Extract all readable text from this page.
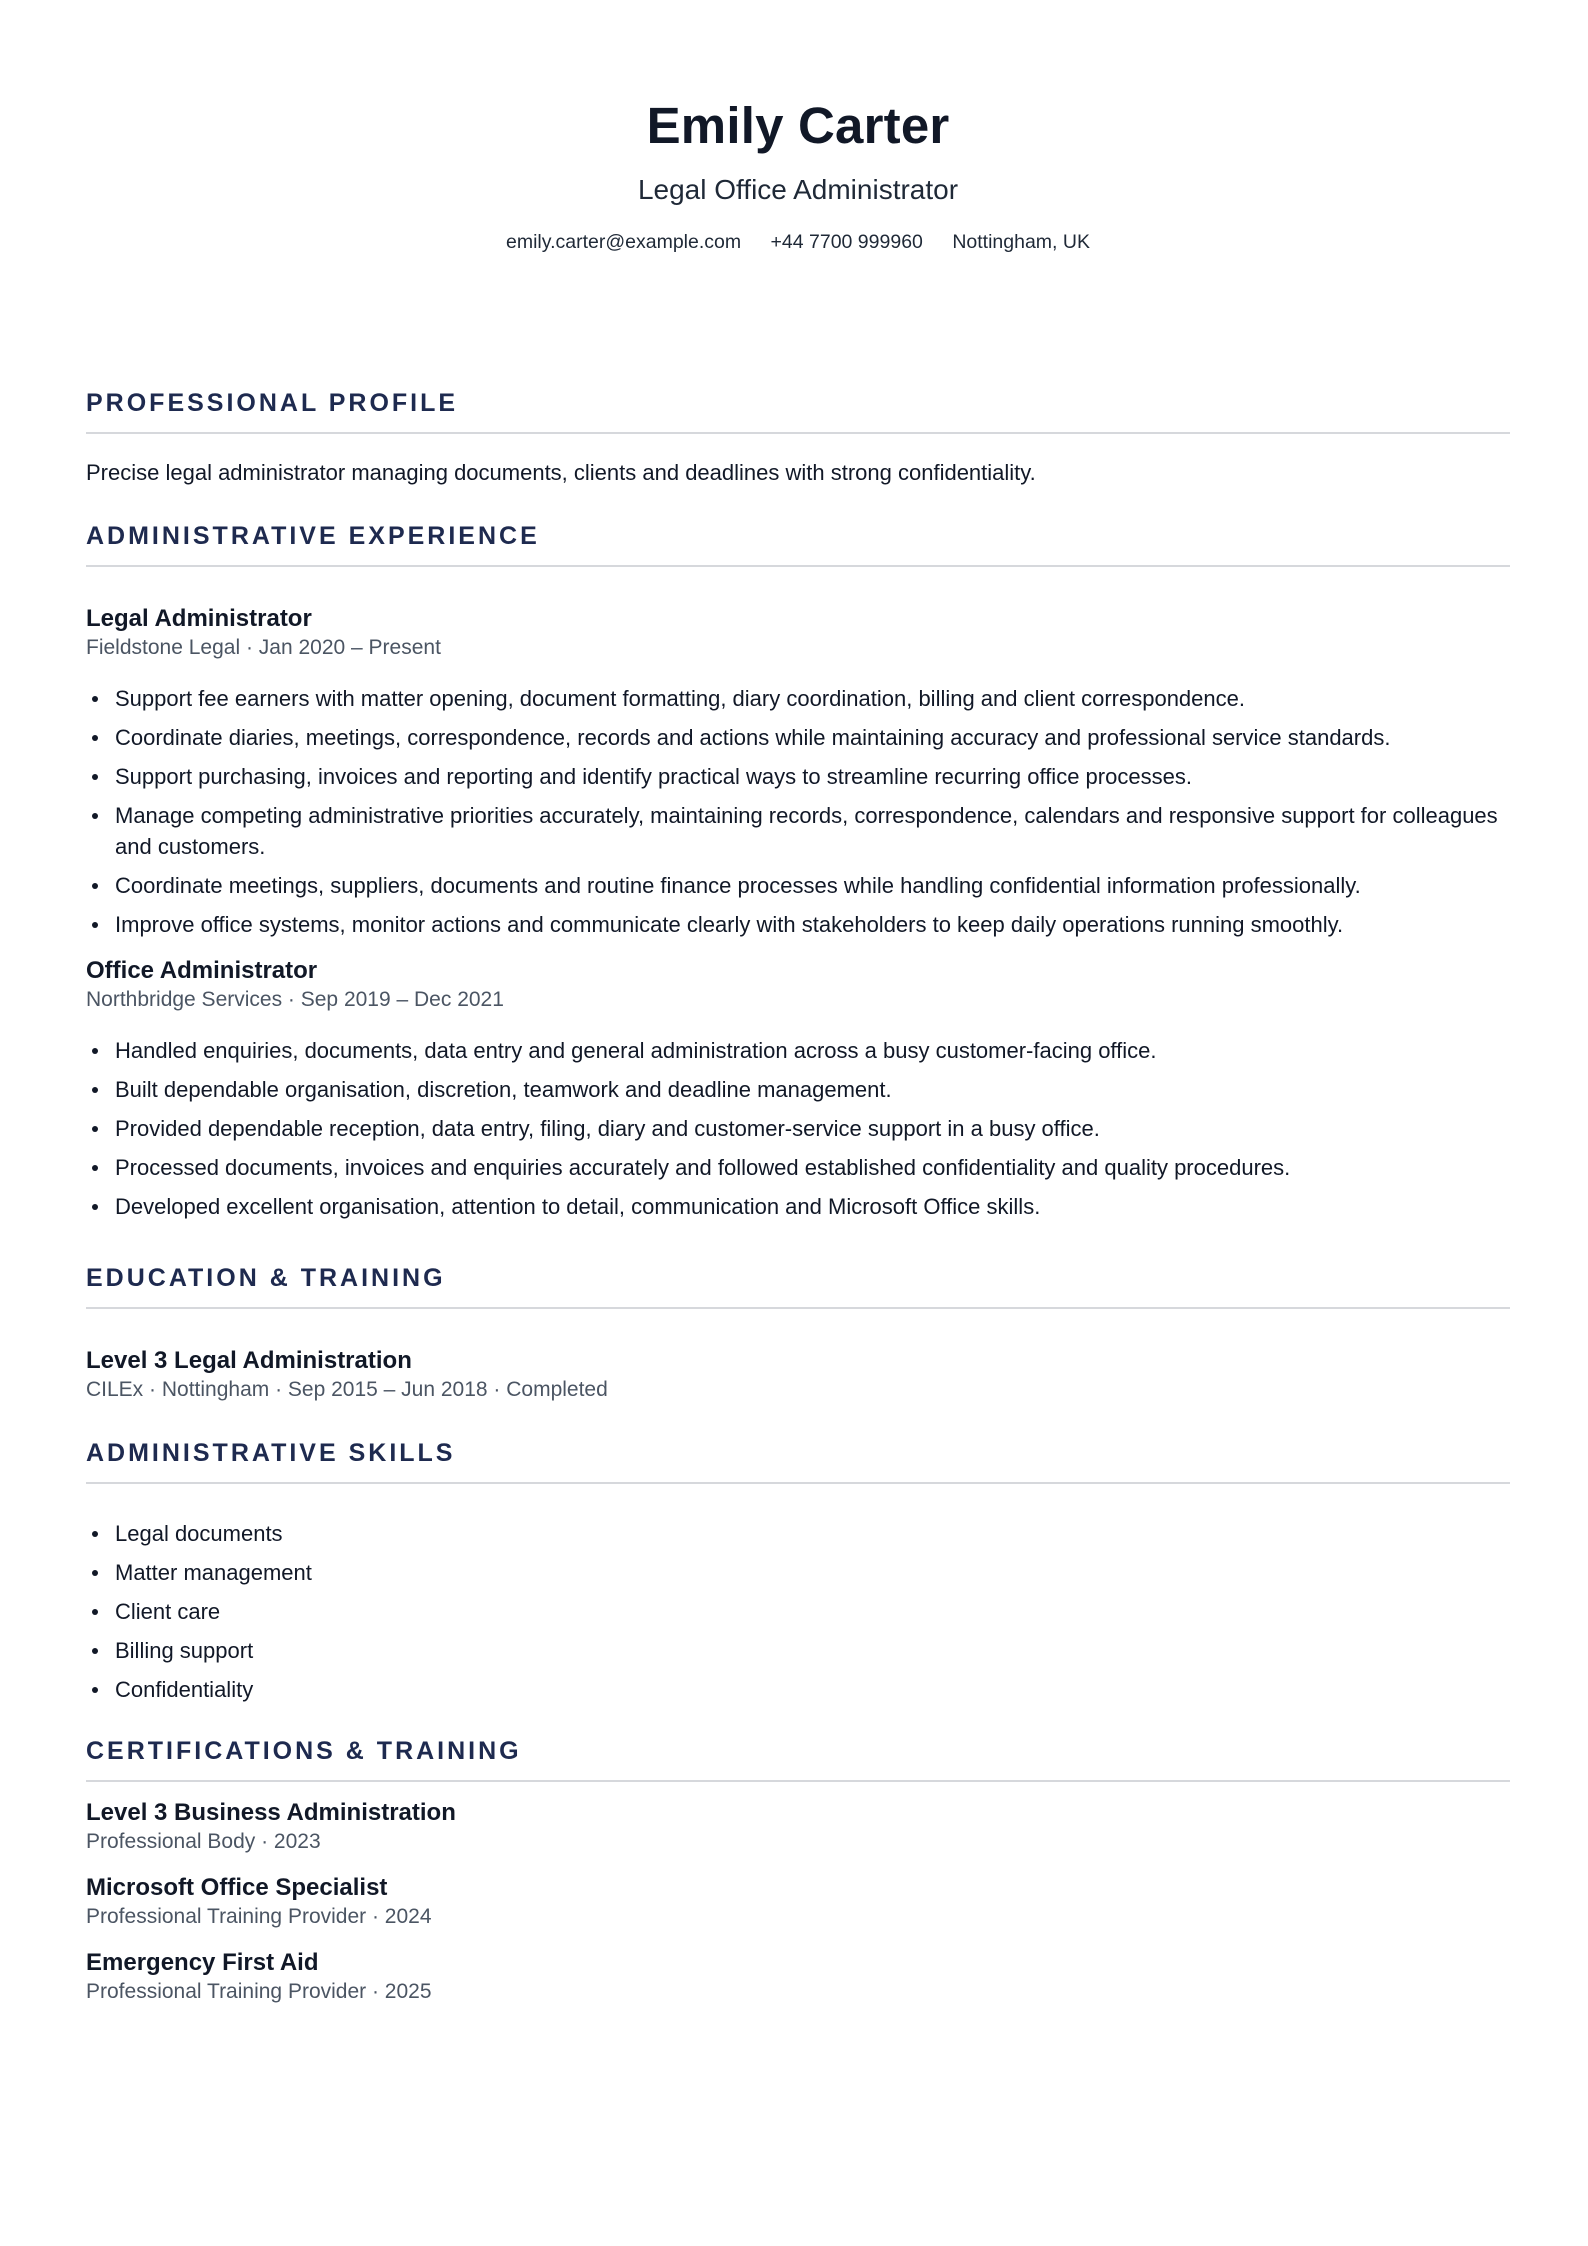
Emily Carter
Legal Office Administrator
emily.carter@example.com +44 7700 999960 Nottingham, UK
PROFESSIONAL PROFILE
Precise legal administrator managing documents, clients and deadlines with strong confidentiality.
ADMINISTRATIVE EXPERIENCE
Legal Administrator
Fieldstone Legal · Jan 2020 – Present
Support fee earners with matter opening, document formatting, diary coordination, billing and client correspondence.
Coordinate diaries, meetings, correspondence, records and actions while maintaining accuracy and professional service standards.
Support purchasing, invoices and reporting and identify practical ways to streamline recurring office processes.
Manage competing administrative priorities accurately, maintaining records, correspondence, calendars and responsive support for colleagues and customers.
Coordinate meetings, suppliers, documents and routine finance processes while handling confidential information professionally.
Improve office systems, monitor actions and communicate clearly with stakeholders to keep daily operations running smoothly.
Office Administrator
Northbridge Services · Sep 2019 – Dec 2021
Handled enquiries, documents, data entry and general administration across a busy customer-facing office.
Built dependable organisation, discretion, teamwork and deadline management.
Provided dependable reception, data entry, filing, diary and customer-service support in a busy office.
Processed documents, invoices and enquiries accurately and followed established confidentiality and quality procedures.
Developed excellent organisation, attention to detail, communication and Microsoft Office skills.
EDUCATION & TRAINING
Level 3 Legal Administration
CILEx · Nottingham · Sep 2015 – Jun 2018 · Completed
ADMINISTRATIVE SKILLS
Legal documents
Matter management
Client care
Billing support
Confidentiality
CERTIFICATIONS & TRAINING
Level 3 Business Administration
Professional Body · 2023
Microsoft Office Specialist
Professional Training Provider · 2024
Emergency First Aid
Professional Training Provider · 2025
